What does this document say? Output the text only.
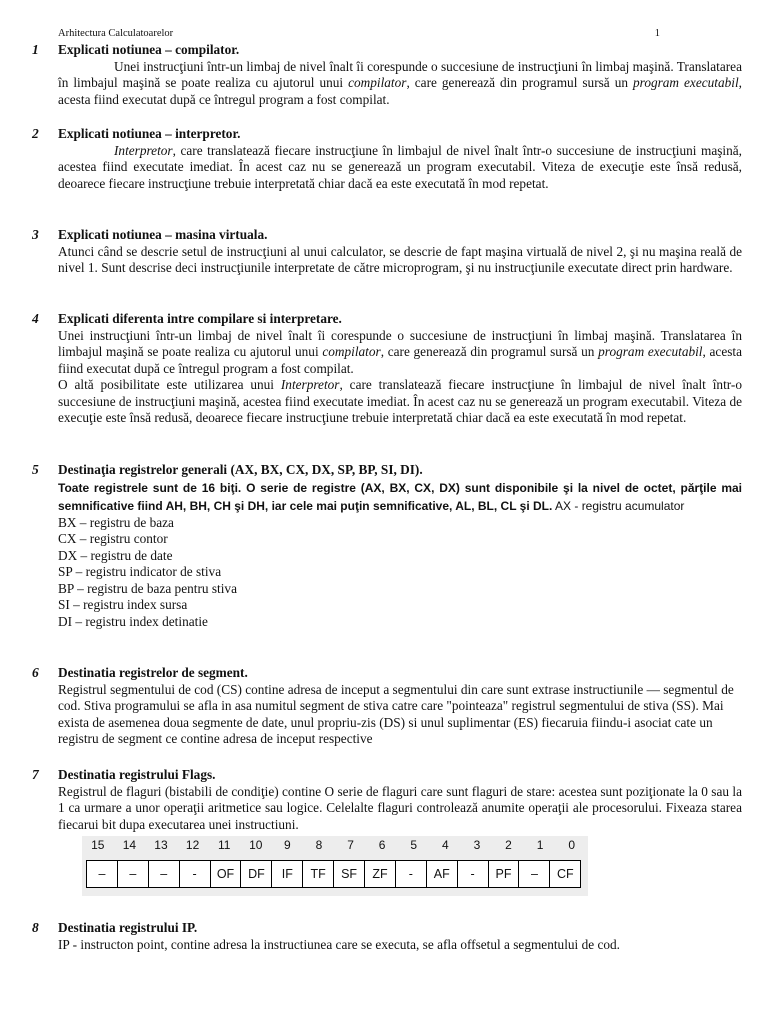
Arhitectura Calculatoarelor	1
1 Explicati notiunea – compilator.
Unei instrucţiuni într-un limbaj de nivel înalt îi corespunde o succesiune de instrucţiuni în limbaj maşină. Translatarea în limbajul maşină se poate realiza cu ajutorul unui compilator, care generează din programul sursă un program executabil, acesta fiind executat după ce întregul program a fost compilat.
2 Explicati notiunea – interpretor.
Interpretor, care translatează fiecare instrucţiune în limbajul de nivel înalt într-o succesiune de instrucţiuni maşină, acestea fiind executate imediat. În acest caz nu se generează un program executabil. Viteza de execuţie este însă redusă, deoarece fiecare instrucţiune trebuie interpretată chiar dacă ea este executată în mod repetat.
3 Explicati notiunea – masina virtuala.
Atunci când se descrie setul de instrucţiuni al unui calculator, se descrie de fapt maşina virtuală de nivel 2, şi nu maşina reală de nivel 1. Sunt descrise deci instrucţiunile interpretate de către microprogram, şi nu instrucţiunile executate direct prin hardware.
4 Explicati diferenta intre compilare si interpretare.
Unei instrucţiuni într-un limbaj de nivel înalt îi corespunde o succesiune de instrucţiuni în limbaj maşină. Translatarea în limbajul maşină se poate realiza cu ajutorul unui compilator, care generează din programul sursă un program executabil, acesta fiind executat după ce întregul program a fost compilat.
O altă posibilitate este utilizarea unui Interpretor, care translatează fiecare instrucţiune în limbajul de nivel înalt într-o succesiune de instrucţiuni maşină, acestea fiind executate imediat. În acest caz nu se generează un program executabil. Viteza de execuţie este însă redusă, deoarece fiecare instrucţiune trebuie interpretată chiar dacă ea este executată în mod repetat.
5 Destinaţia registrelor generali (AX, BX, CX, DX, SP, BP, SI, DI).
Toate registrele sunt de 16 biţi. O serie de registre (AX, BX, CX, DX) sunt disponibile şi la nivel de octet, părţile mai semnificative fiind AH, BH, CH şi DH, iar cele mai puţin semnificative, AL, BL, CL şi DL. AX - registru acumulator
BX – registru de baza
CX – registru contor
DX – registru de date
SP – registru indicator de stiva
BP – registru de baza pentru stiva
SI – registru index sursa
DI – registru index detinatie
6 Destinatia registrelor de segment.
Registrul segmentului de cod (CS) contine adresa de inceput a segmentului din care sunt extrase instructiunile — segmentul de cod. Stiva programului se afla in asa numitul segment de stiva catre care "pointeaza" registrul segmentului de stiva (SS). Mai exista de asemenea doua segmente de date, unul propriu-zis (DS) si unul suplimentar (ES) fiecaruia fiindu-i asociat cate un registru de segment ce contine adresa de inceput respective
7 Destinatia registrului Flags.
Registrul de flaguri (bistabili de condiţie) contine O serie de flaguri care sunt flaguri de stare: acestea sunt poziţionate la 0 sau la 1 ca urmare a unor operaţii aritmetice sau logice. Celelalte flaguri controlează anumite operaţii ale procesorului. Fixeaza starea fiecarui bit dupa executarea unei instructiuni.
15	14	13	12	11	10	9	8	7	6	5	4	3	2	1	0
–	–	–	-	OF	DF	IF	TF	SF	ZF	-	AF	-	PF	–	CF
8 Destinatia registrului IP.
IP - instructon point, contine adresa la instructiunea care se executa, se afla offsetul a segmentului de cod.
